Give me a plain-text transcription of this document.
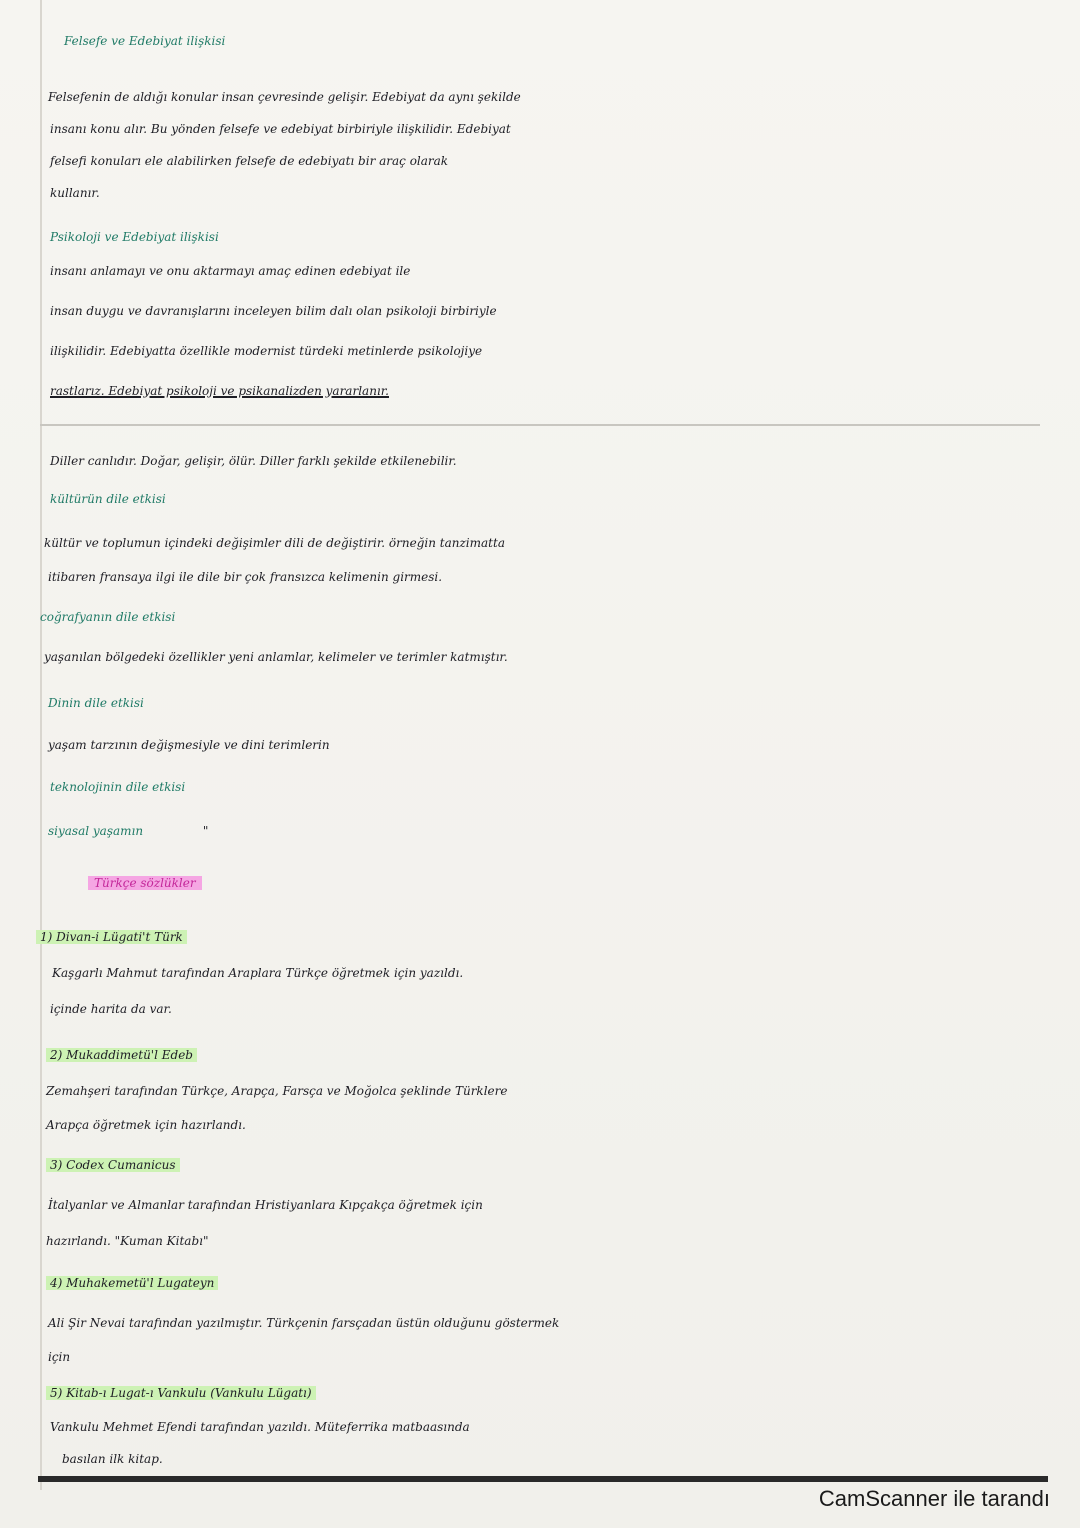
Felsefe ve Edebiyat ilişkisi
Felsefenin de aldığı konular insan çevresinde gelişir. Edebiyat da aynı şekilde
insanı konu alır. Bu yönden felsefe ve edebiyat birbiriyle ilişkilidir. Edebiyat
felsefi konuları ele alabilirken felsefe de edebiyatı bir araç olarak
kullanır.
Psikoloji ve Edebiyat ilişkisi
insanı anlamayı ve onu aktarmayı amaç edinen edebiyat ile
insan duygu ve davranışlarını inceleyen bilim dalı olan psikoloji birbiriyle
ilişkilidir. Edebiyatta özellikle modernist türdeki metinlerde psikolojiye
rastlarız. Edebiyat psikoloji ve psikanalizden yararlanır.
Diller canlıdır. Doğar, gelişir, ölür. Diller farklı şekilde etkilenebilir.
kültürün dile etkisi
kültür ve toplumun içindeki değişimler dili de değiştirir. örneğin tanzimatta
itibaren fransaya ilgi ile dile bir çok fransızca kelimenin girmesi.
coğrafyanın dile etkisi
yaşanılan bölgedeki özellikler yeni anlamlar, kelimeler ve terimler katmıştır.
Dinin dile etkisi
yaşam tarzının değişmesiyle ve dini terimlerin
teknolojinin dile etkisi
siyasal yaşamın	"
Türkçe sözlükler
1) Divan-i Lügati't Türk
Kaşgarlı Mahmut tarafından Araplara Türkçe öğretmek için yazıldı.
içinde harita da var.
2) Mukaddimetü'l Edeb
Zemahşeri tarafından Türkçe, Arapça, Farsça ve Moğolca şeklinde Türklere
Arapça öğretmek için hazırlandı.
3) Codex Cumanicus
İtalyanlar ve Almanlar tarafından Hristiyanlara Kıpçakça öğretmek için
hazırlandı. "Kuman Kitabı"
4) Muhakemetü'l Lugateyn
Ali Şir Nevai tarafından yazılmıştır. Türkçenin farsçadan üstün olduğunu göstermek
için
5) Kitab-ı Lugat-ı Vankulu (Vankulu Lügatı)
Vankulu Mehmet Efendi tarafından yazıldı. Müteferrika matbaasında
basılan ilk kitap.
CamScanner ile tarandı
